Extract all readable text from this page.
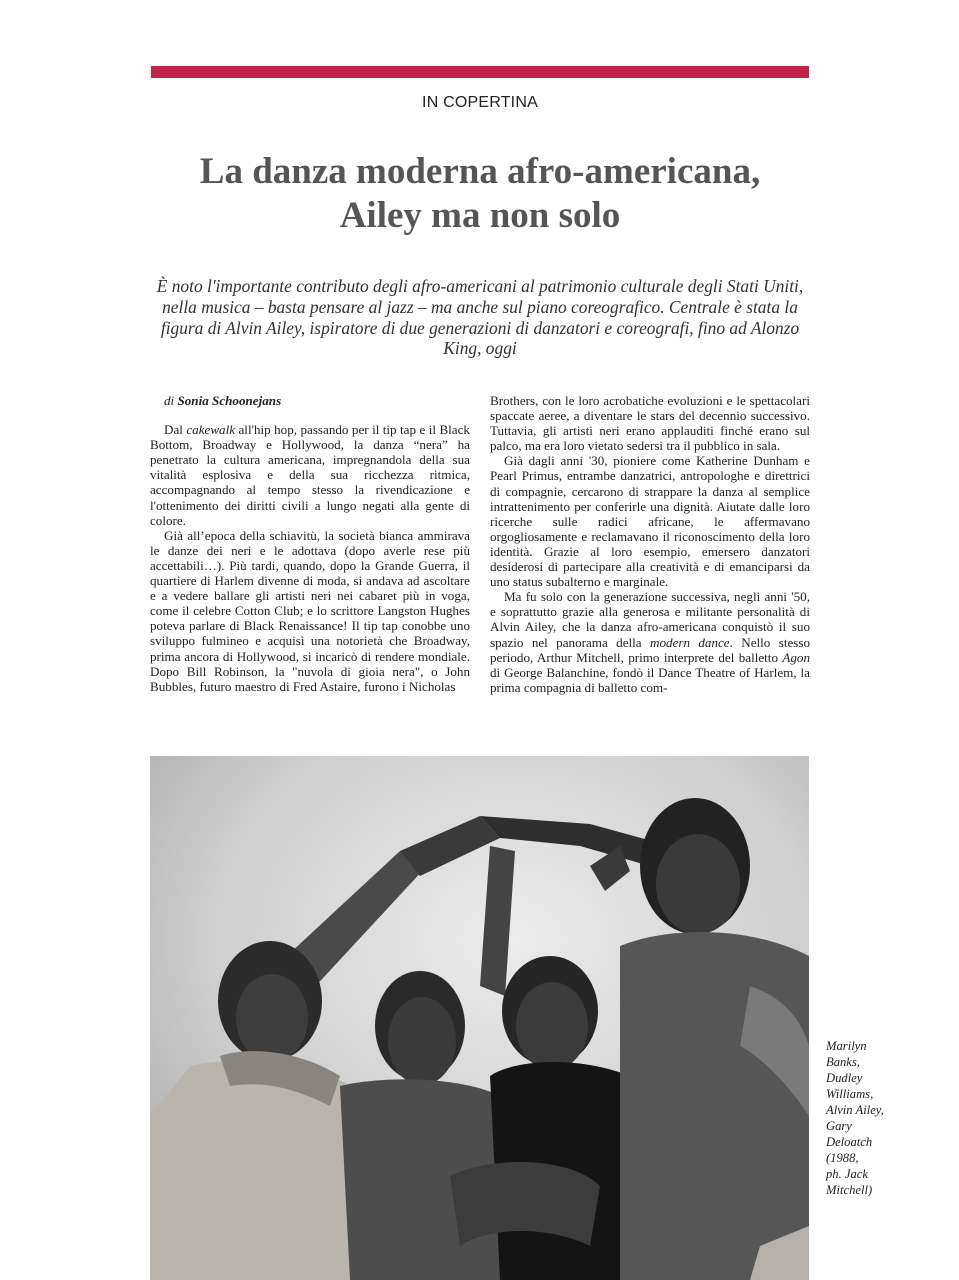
IN COPERTINA
La danza moderna afro-americana,
Ailey ma non solo

È noto l'importante contributo degli afro-americani al patrimonio culturale degli Stati Uniti, nella musica – basta pensare al jazz – ma anche sul piano coreografico. Centrale è stata la figura di Alvin Ailey, ispiratore di due generazioni di danzatori e coreografi, fino ad Alonzo King, oggi

di Sonia Schoonejans

Dal cakewalk all'hip hop, passando per il tip tap e il Black Bottom, Broadway e Hollywood, la danza “nera” ha penetrato la cultura americana, impregnandola della sua vitalità esplosiva e della sua ricchezza ritmica, accompagnando al tempo stesso la rivendicazione e l'ottenimento dei diritti civili a lungo negati alla gente di colore.

Già all’epoca della schiavitù, la società bianca ammirava le danze dei neri e le adottava (dopo averle rese più accettabili…). Più tardi, quando, dopo la Grande Guerra, il quartiere di Harlem divenne di moda, si andava ad ascoltare e a vedere ballare gli artisti neri nei cabaret più in voga, come il celebre Cotton Club; e lo scrittore Langston Hughes poteva parlare di Black Renaissance! Il tip tap conobbe uno sviluppo fulmineo e acquisì una notorietà che Broadway, prima ancora di Hollywood, si incaricò di rendere mondiale. Dopo Bill Robinson, la "nuvola di gioia nera", o John Bubbles, futuro maestro di Fred Astaire, furono i Nicholas

Brothers, con le loro acrobatiche evoluzioni e le spettacolari spaccate aeree, a diventare le stars del decennio successivo. Tuttavia, gli artisti neri erano applauditi finché erano sul palco, ma era loro vietato sedersi tra il pubblico in sala.

Già dagli anni '30, pioniere come Katherine Dunham e Pearl Primus, entrambe danzatrici, antropologhe e direttrici di compagnie, cercarono di strappare la danza al semplice intrattenimento per conferirle una dignità. Aiutate dalle loro ricerche sulle radici africane, le affermavano orgogliosamente e reclamavano il riconoscimento della loro identità. Grazie al loro esempio, emersero danzatori desiderosi di partecipare alla creatività e di emanciparsi da uno status subalterno e marginale.

Ma fu solo con la generazione successiva, negli anni '50, e soprattutto grazie alla generosa e militante personalità di Alvin Ailey, che la danza afro-americana conquistò il suo spazio nel panorama della modern dance. Nello stesso periodo, Arthur Mitchell, primo interprete del balletto Agon di George Balanchine, fondò il Dance Theatre of Harlem, la prima compagnia di balletto com-

Marilyn
Banks,
Dudley
Williams,
Alvin Ailey,
Gary
Deloatch
(1988,
ph. Jack
Mitchell)
